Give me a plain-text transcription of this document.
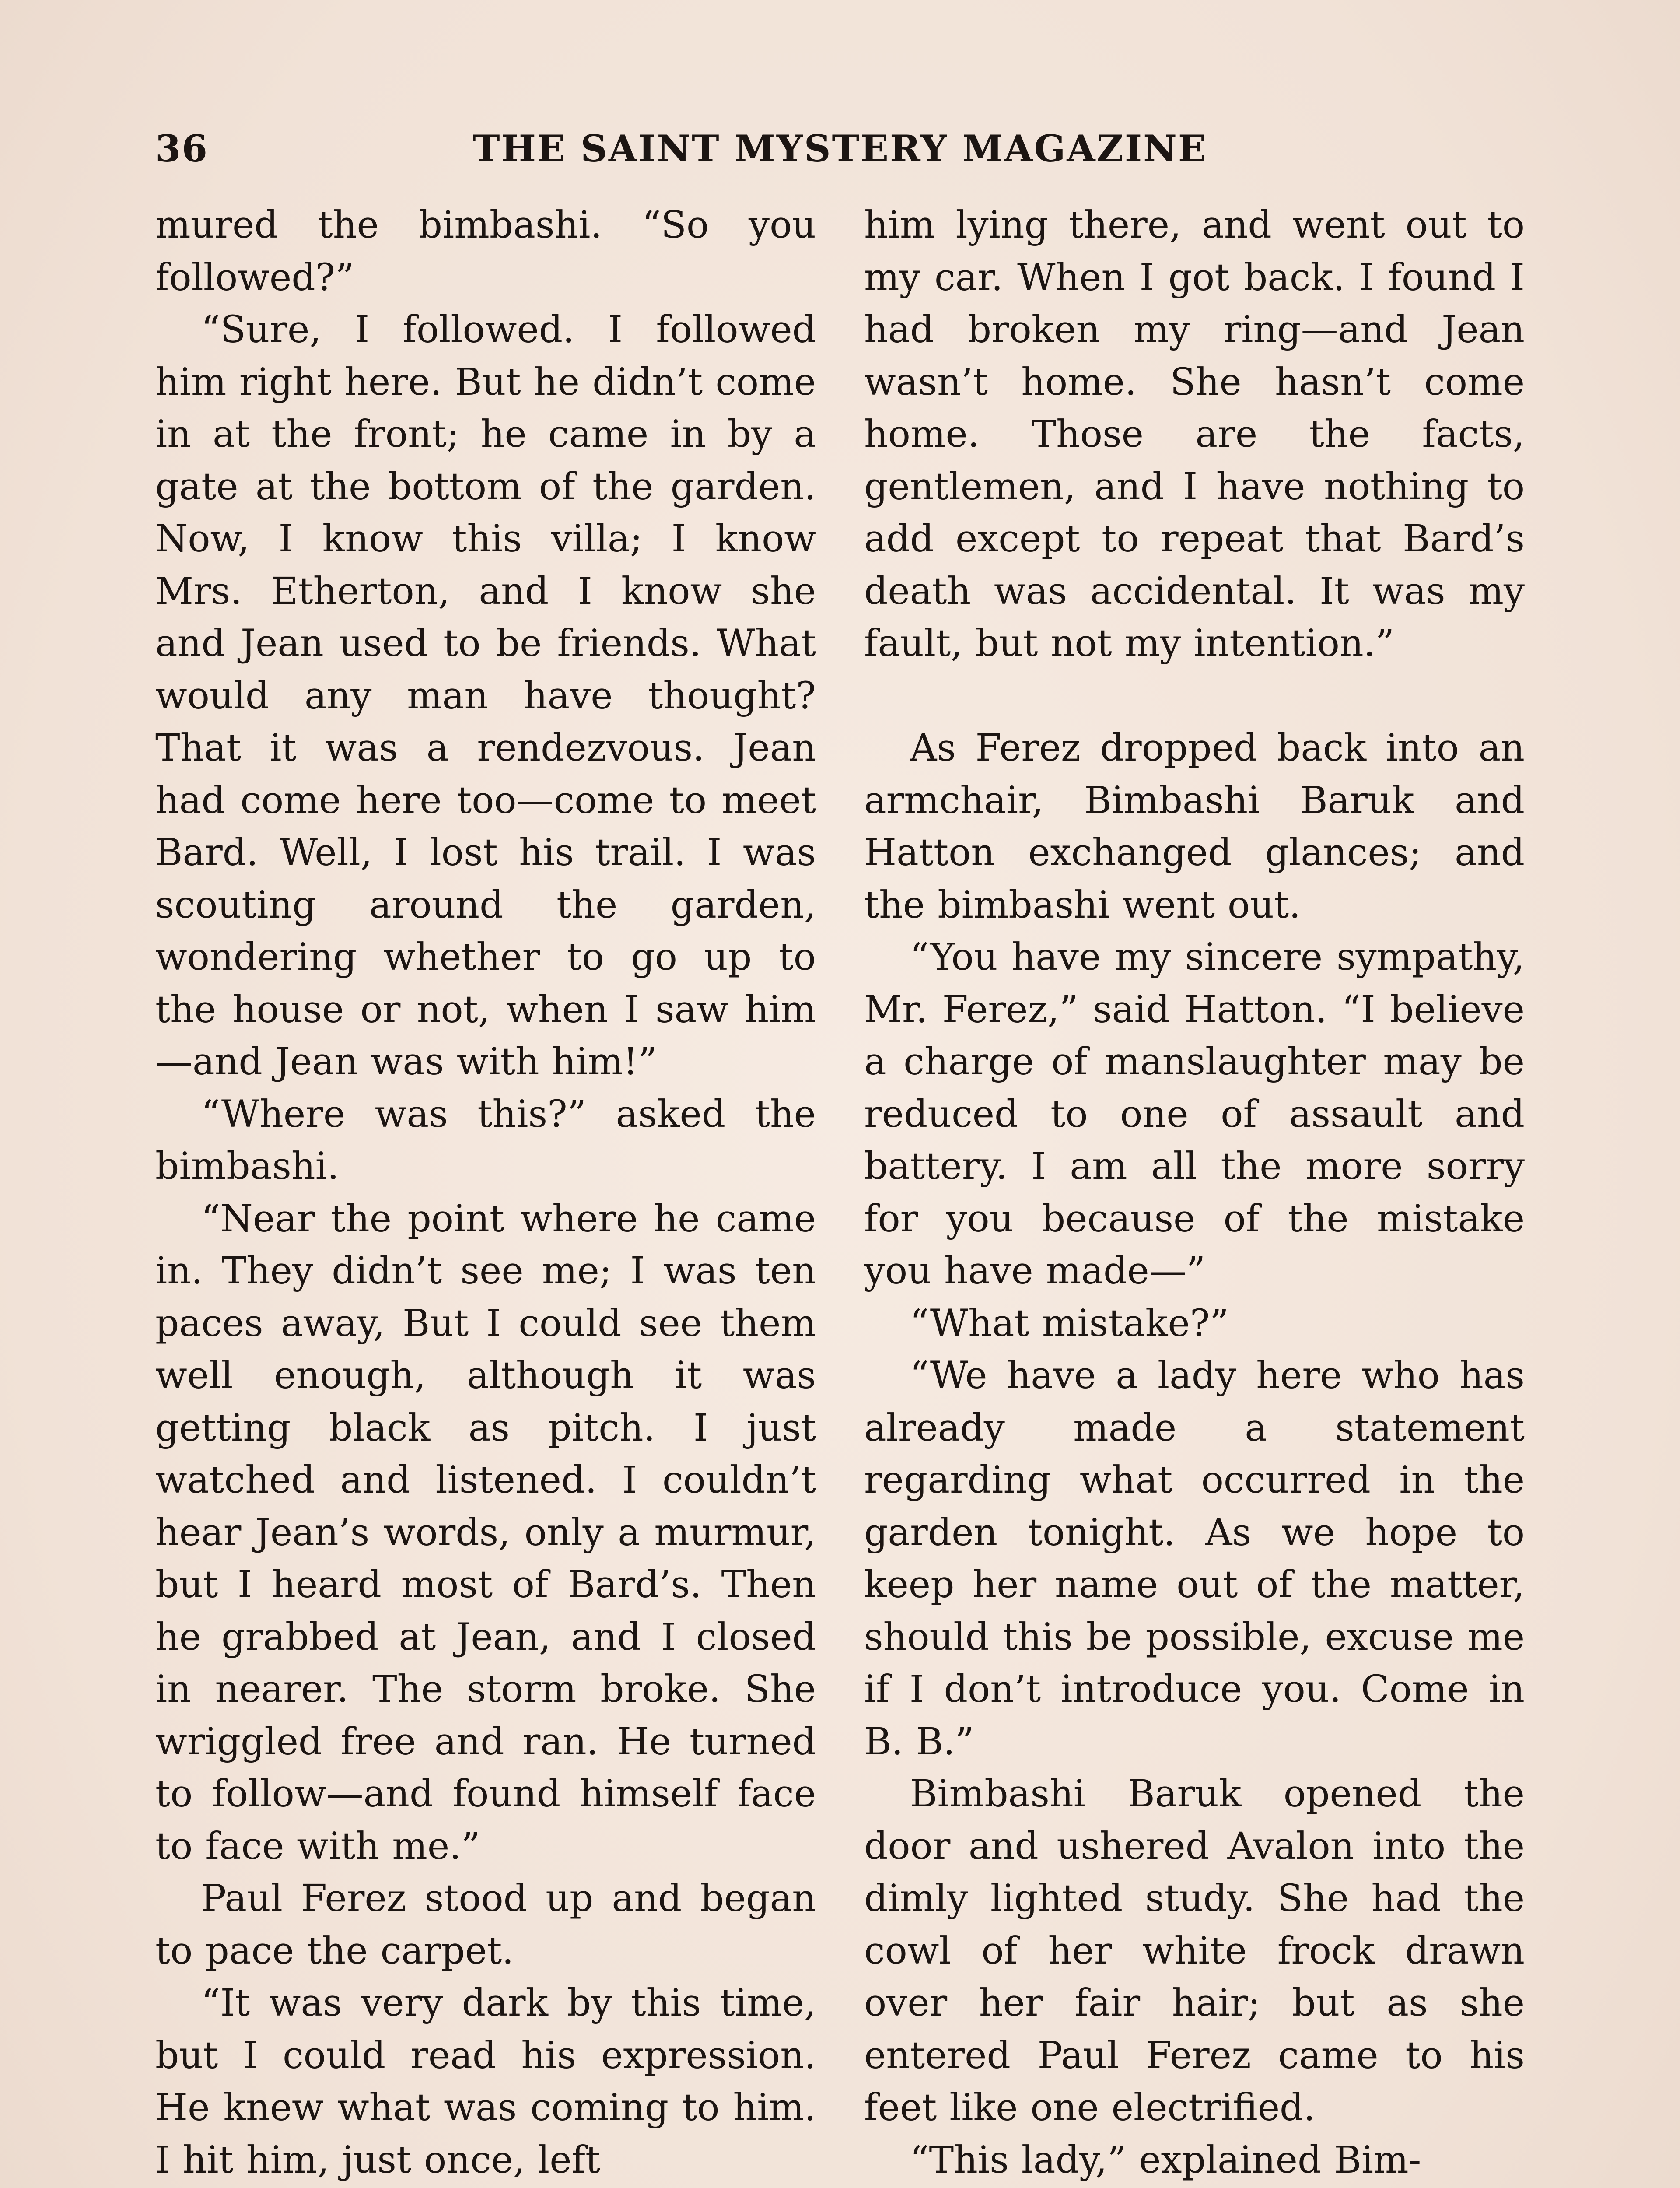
36	THE SAINT MYSTERY MAGAZINE

mured the bimbashi. “So you followed?”

“Sure, I followed. I followed him right here. But he didn’t come in at the front; he came in by a gate at the bottom of the garden. Now, I know this villa; I know Mrs. Etherton, and I know she and Jean used to be friends. What would any man have thought? That it was a rendezvous. Jean had come here too—come to meet Bard. Well, I lost his trail. I was scouting around the garden, wondering whether to go up to the house or not, when I saw him—and Jean was with him!”

“Where was this?” asked the bimbashi.

“Near the point where he came in. They didn’t see me; I was ten paces away, But I could see them well enough, although it was getting black as pitch. I just watched and listened. I couldn’t hear Jean’s words, only a murmur, but I heard most of Bard’s. Then he grabbed at Jean, and I closed in nearer. The storm broke. She wriggled free and ran. He turned to follow—and found himself face to face with me.”

Paul Ferez stood up and began to pace the carpet.

“It was very dark by this time, but I could read his expression. He knew what was coming to him. I hit him, just once, left

him lying there, and went out to my car. When I got back. I found I had broken my ring—and Jean wasn’t home. She hasn’t come home. Those are the facts, gentlemen, and I have nothing to add except to repeat that Bard’s death was accidental. It was my fault, but not my intention.”

As Ferez dropped back into an armchair, Bimbashi Baruk and Hatton exchanged glances; and the bimbashi went out.

“You have my sincere sympathy, Mr. Ferez,” said Hatton. “I believe a charge of manslaughter may be reduced to one of assault and battery. I am all the more sorry for you because of the mistake you have made—”

“What mistake?”

“We have a lady here who has already made a statement regarding what occurred in the garden tonight. As we hope to keep her name out of the matter, should this be possible, excuse me if I don’t introduce you. Come in B. B.”

Bimbashi Baruk opened the door and ushered Avalon into the dimly lighted study. She had the cowl of her white frock drawn over her fair hair; but as she entered Paul Ferez came to his feet like one electrified.

“This lady,” explained Bim-
